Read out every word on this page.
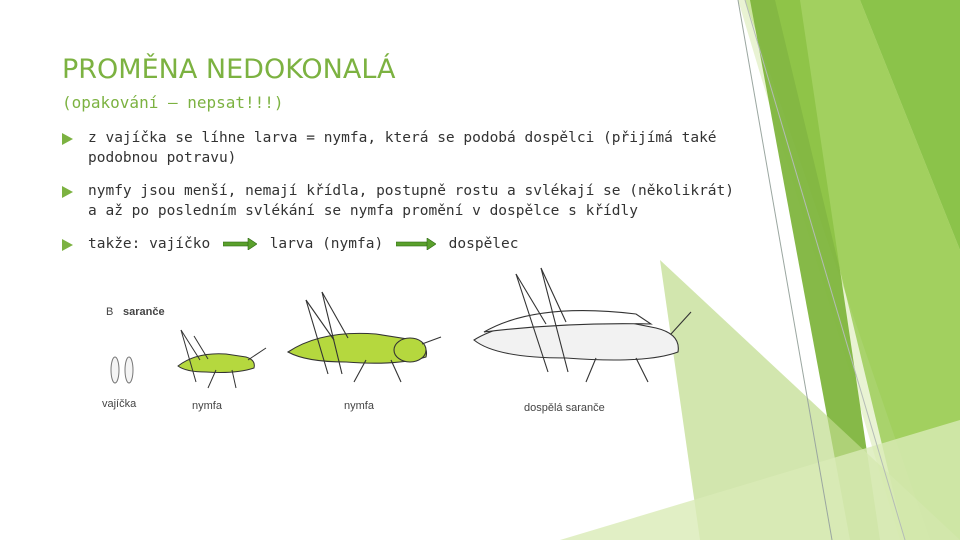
PROMĚNA NEDOKONALÁ
(opakování – nepsat!!!)
z vajíčka se líhne larva = nymfa, která se podobá dospělci (přijímá také podobnou potravu)
nymfy jsou menší, nemají křídla, postupně rostu a svlékají se (několikrát) a až po posledním svlékání se nymfa promění v dospělce s křídly
takže: vajíčko	larva (nymfa)	dospělec
B saranče
vajíčka	nymfa	nymfa	dospělá saranče
